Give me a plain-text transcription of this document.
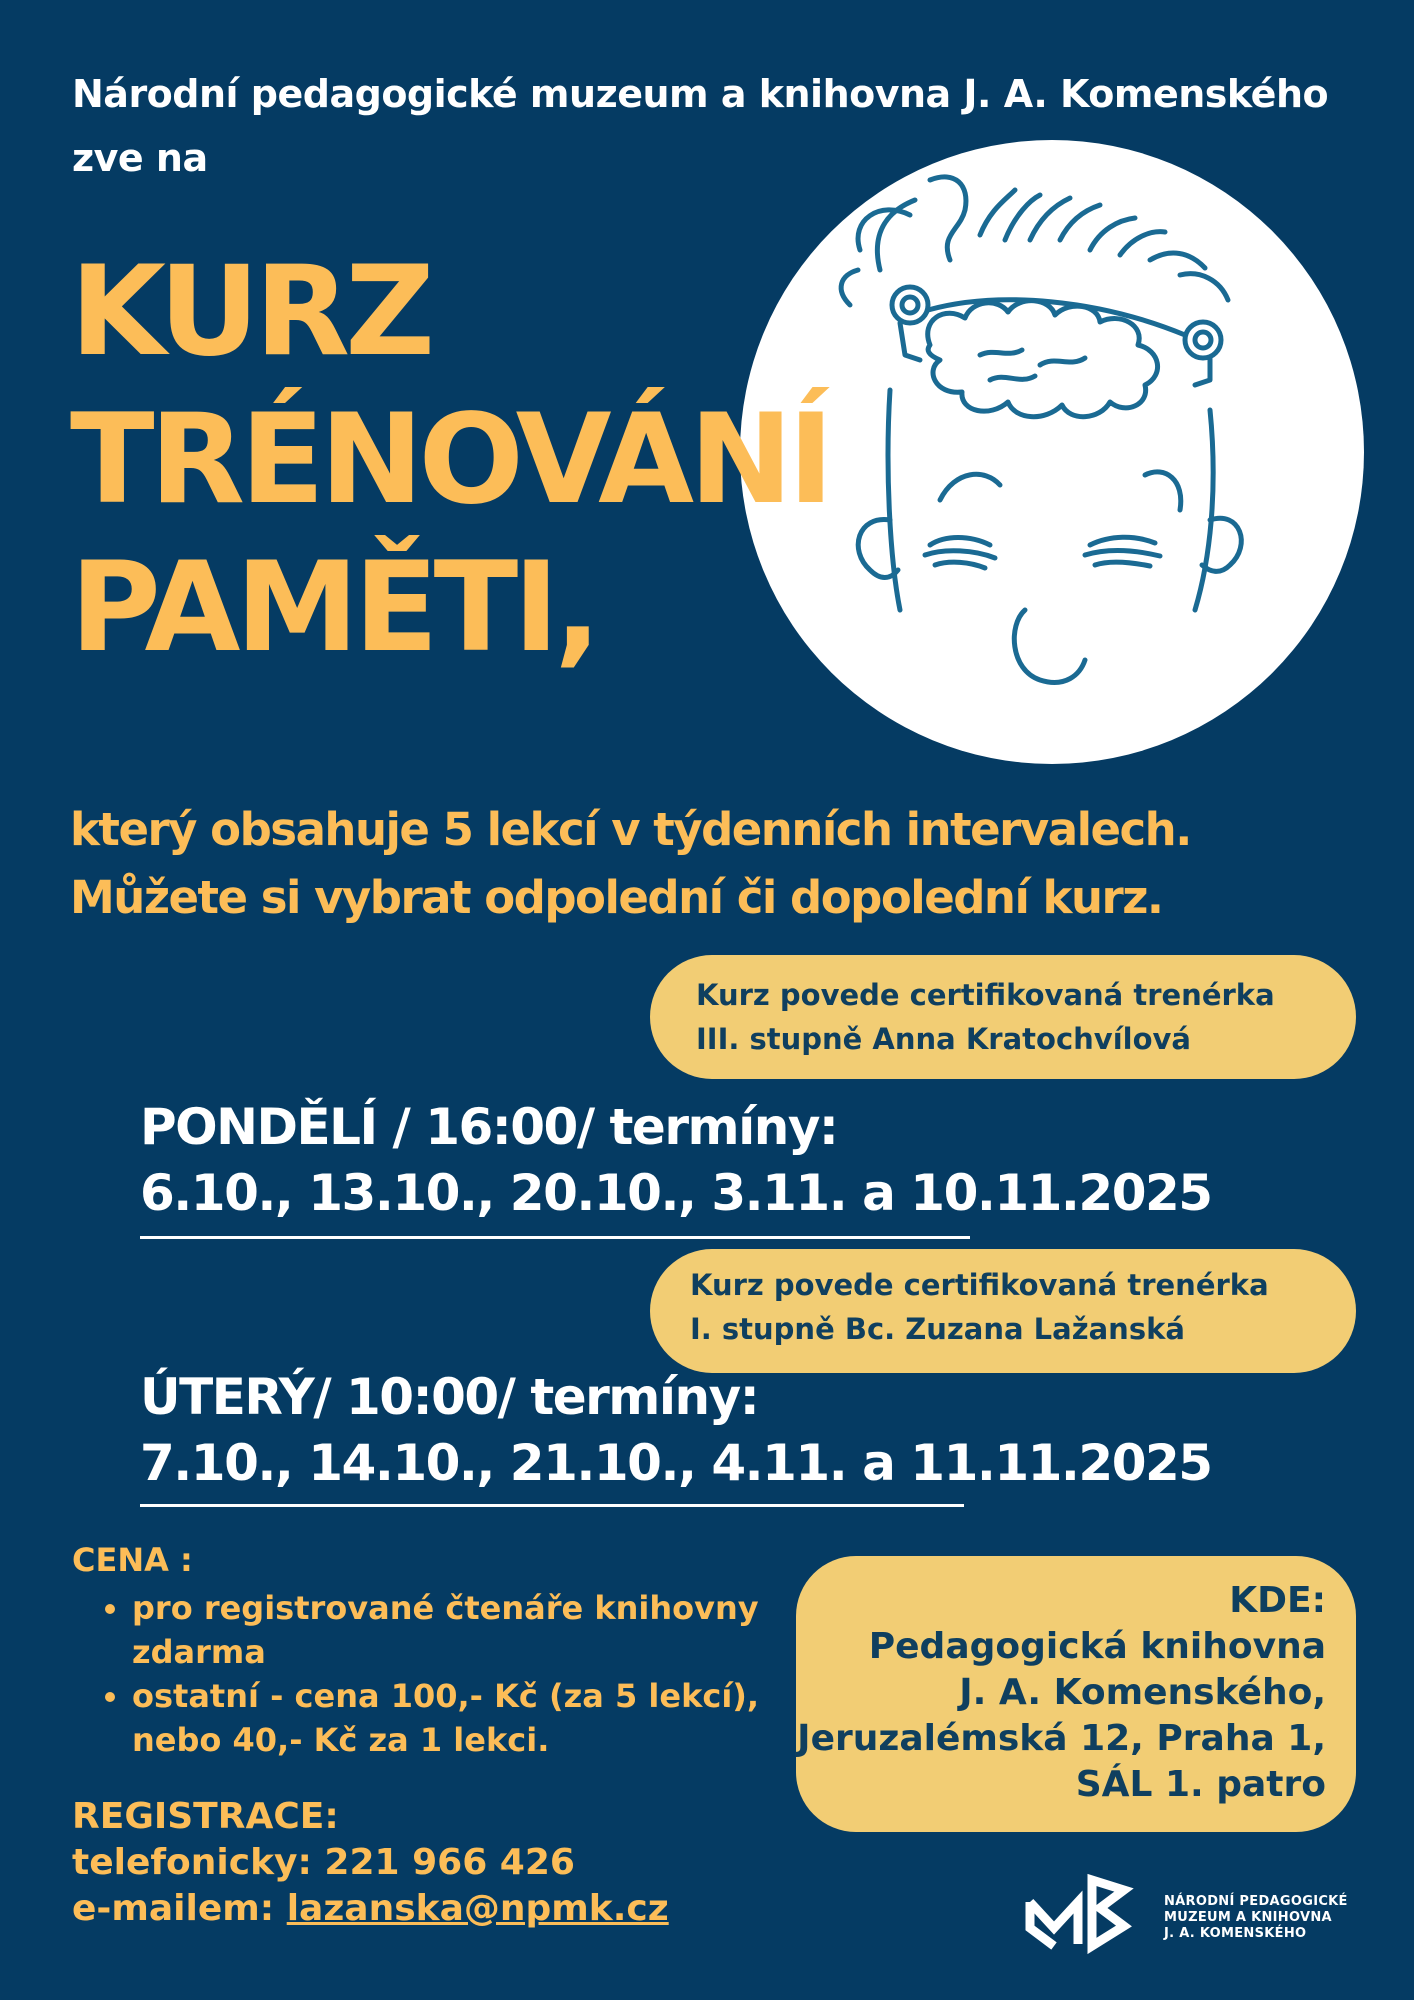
Národní pedagogické muzeum a knihovna J. A. Komenského
zve na
KURZ
TRÉNOVÁNÍ
PAMĚTI,
který obsahuje 5 lekcí v týdenních intervalech.
Můžete si vybrat odpolední či dopolední kurz.
Kurz povede certifikovaná trenérka
III. stupně Anna Kratochvílová
PONDĚLÍ / 16:00/ termíny:
6.10., 13.10., 20.10., 3.11. a 10.11.2025
Kurz povede certifikovaná trenérka
I. stupně Bc. Zuzana Lažanská
ÚTERÝ/ 10:00/ termíny:
7.10., 14.10., 21.10., 4.11. a 11.11.2025
CENA :
• pro registrované čtenáře knihovny zdarma
• ostatní - cena 100,- Kč (za 5 lekcí), nebo 40,- Kč za 1 lekci.
KDE:
Pedagogická knihovna
J. A. Komenského,
Jeruzalémská 12, Praha 1,
SÁL 1. patro
REGISTRACE:
telefonicky: 221 966 426
e-mailem: lazanska@npmk.cz	NÁRODNÍ PEDAGOGICKÉ
MUZEUM A KNIHOVNA
J. A. KOMENSKÉHO
